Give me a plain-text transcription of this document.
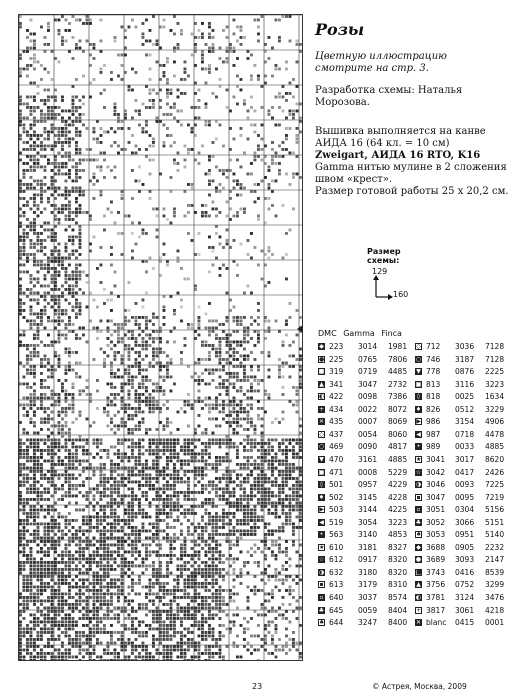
Розы
Цветную иллюстрацию смотрите на стр. 3.
Разработка схемы: Наталья Морозова.
Вышивка выполняется на канве
АИДА 16 (64 кл. = 10 см)
Zweigart, АИДА 16 RTO, K16
Gamma нитью мулине в 2 сложения
швом «крест».
Размер готовой работы 25 х 20,2 см.
Размер схемы:
129
160
DMC Gamma Finca
◆ 223 3014 1981
● 225 0765 7806
■ 319 0719 4485
▲ 341 3047 2732
◐ 422 0098 7386
+ 434 0022 8072
✕ 435 0007 8069
◇ 437 0054 8060
○ 469 0090 4817
▼ 470 3161 4885
□ 471 0008 5229
◊ 501 0957 4229
♦ 502 3145 4228
▶ 503 3144 4225
◀ 519 3054 3223
• 563 3140 4853
★ 610 3181 8327
☆ 612 0917 8320
◑ 632 3180 8320
▪ 613 3179 8310
▫ 640 3037 8574
♣ 645 0059 8404
♠ 644 3247 8400
◇ 712 3036 7128
○ 746 3187 7128
▼ 778 0876 2225
□ 813 3116 3223
◊ 818 0025 1634
♦ 826 0512 3229
▶ 986 3154 4906
◀ 987 0718 4478
• 989 0033 4885
★ 3041 3017 8620
☆ 3042 0417 2426
◑ 3046 0093 7225
▪ 3047 0095 7219
▫ 3051 0304 5156
♣ 3052 3066 5151
♠ 3053 0951 5140
◆ 3688 0905 2232
● 3689 3093 2147
■ 3743 0416 8539
▲ 3756 0752 3299
◐ 3781 3124 3476
+ 3817 3061 4218
✕ blanc 0415 0001
23	© Астрея, Москва, 2009
